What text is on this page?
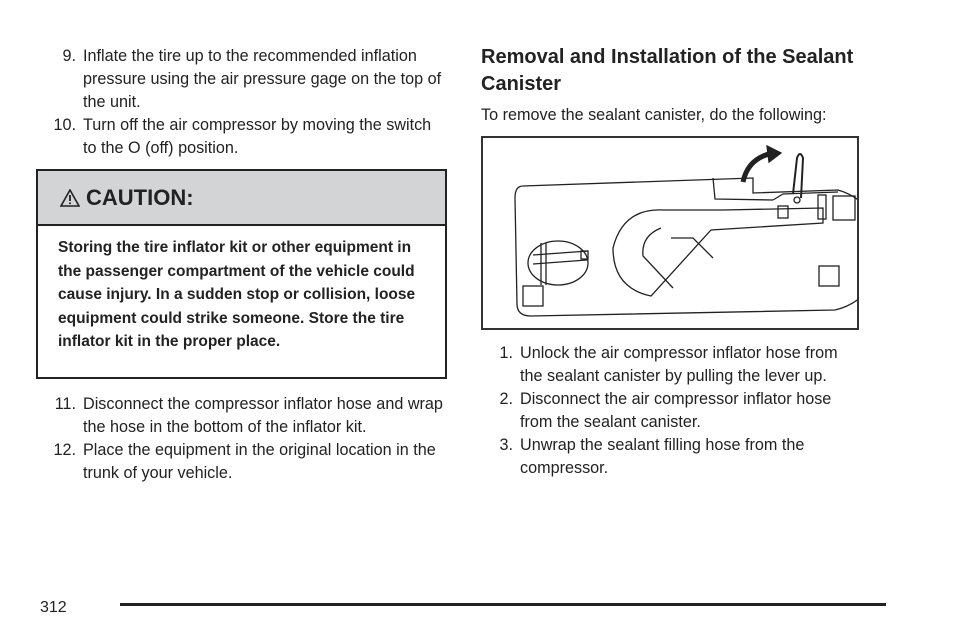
9. Inflate the tire up to the recommended inflation pressure using the air pressure gage on the top of the unit.
10. Turn off the air compressor by moving the switch to the O (off) position.
CAUTION:
Storing the tire inflator kit or other equipment in the passenger compartment of the vehicle could cause injury. In a sudden stop or collision, loose equipment could strike someone. Store the tire inflator kit in the proper place.
11. Disconnect the compressor inflator hose and wrap the hose in the bottom of the inflator kit.
12. Place the equipment in the original location in the trunk of your vehicle.
Removal and Installation of the Sealant Canister
To remove the sealant canister, do the following:
1. Unlock the air compressor inflator hose from the sealant canister by pulling the lever up.
2. Disconnect the air compressor inflator hose from the sealant canister.
3. Unwrap the sealant filling hose from the compressor.
312
